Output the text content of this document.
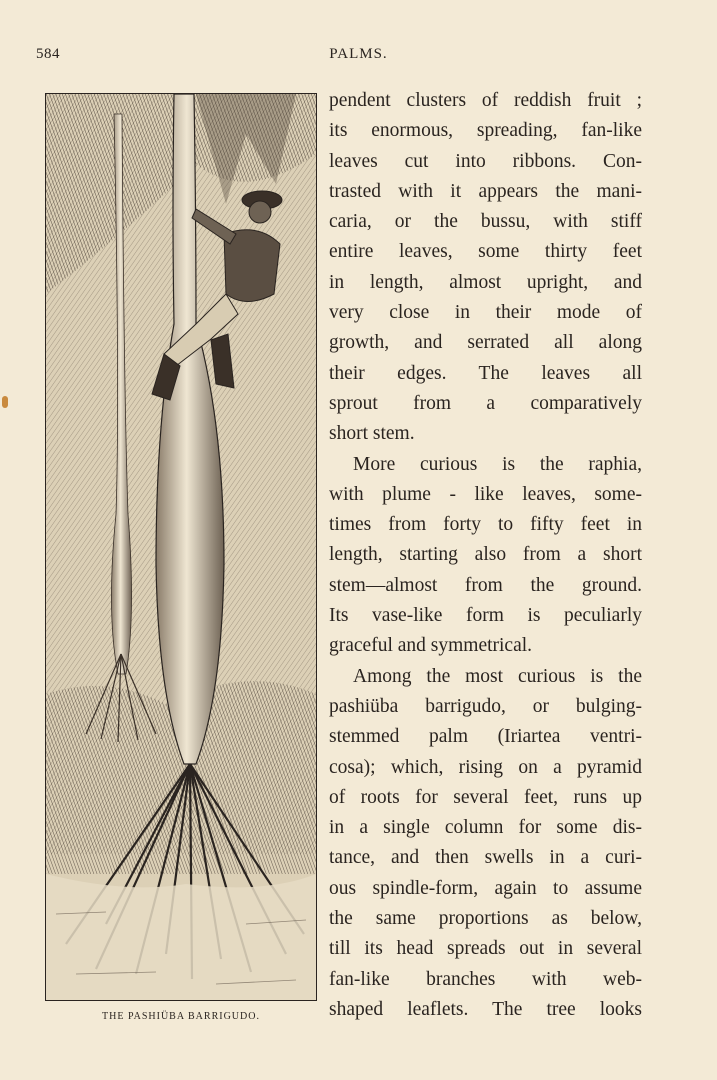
584	PALMS.
THE PASHIÜBA BARRIGUDO.

pendent clusters of reddish fruit ;

its enormous, spreading, fan-like

leaves cut into ribbons. Con-

trasted with it appears the mani-

caria, or the bussu, with stiff

entire leaves, some thirty feet

in length, almost upright, and

very close in their mode of

growth, and serrated all along

their edges. The leaves all

sprout from a comparatively

short stem.

More curious is the raphia,

with plume - like leaves, some-

times from forty to fifty feet in

length, starting also from a short

stem—almost from the ground.

Its vase-like form is peculiarly

graceful and symmetrical.

Among the most curious is the

pashiüba barrigudo, or bulging-

stemmed palm (Iriartea ventri-

cosa); which, rising on a pyramid

of roots for several feet, runs up

in a single column for some dis-

tance, and then swells in a curi-

ous spindle-form, again to assume

the same proportions as below,

till its head spreads out in several

fan-like branches with web-

shaped leaflets. The tree looks
